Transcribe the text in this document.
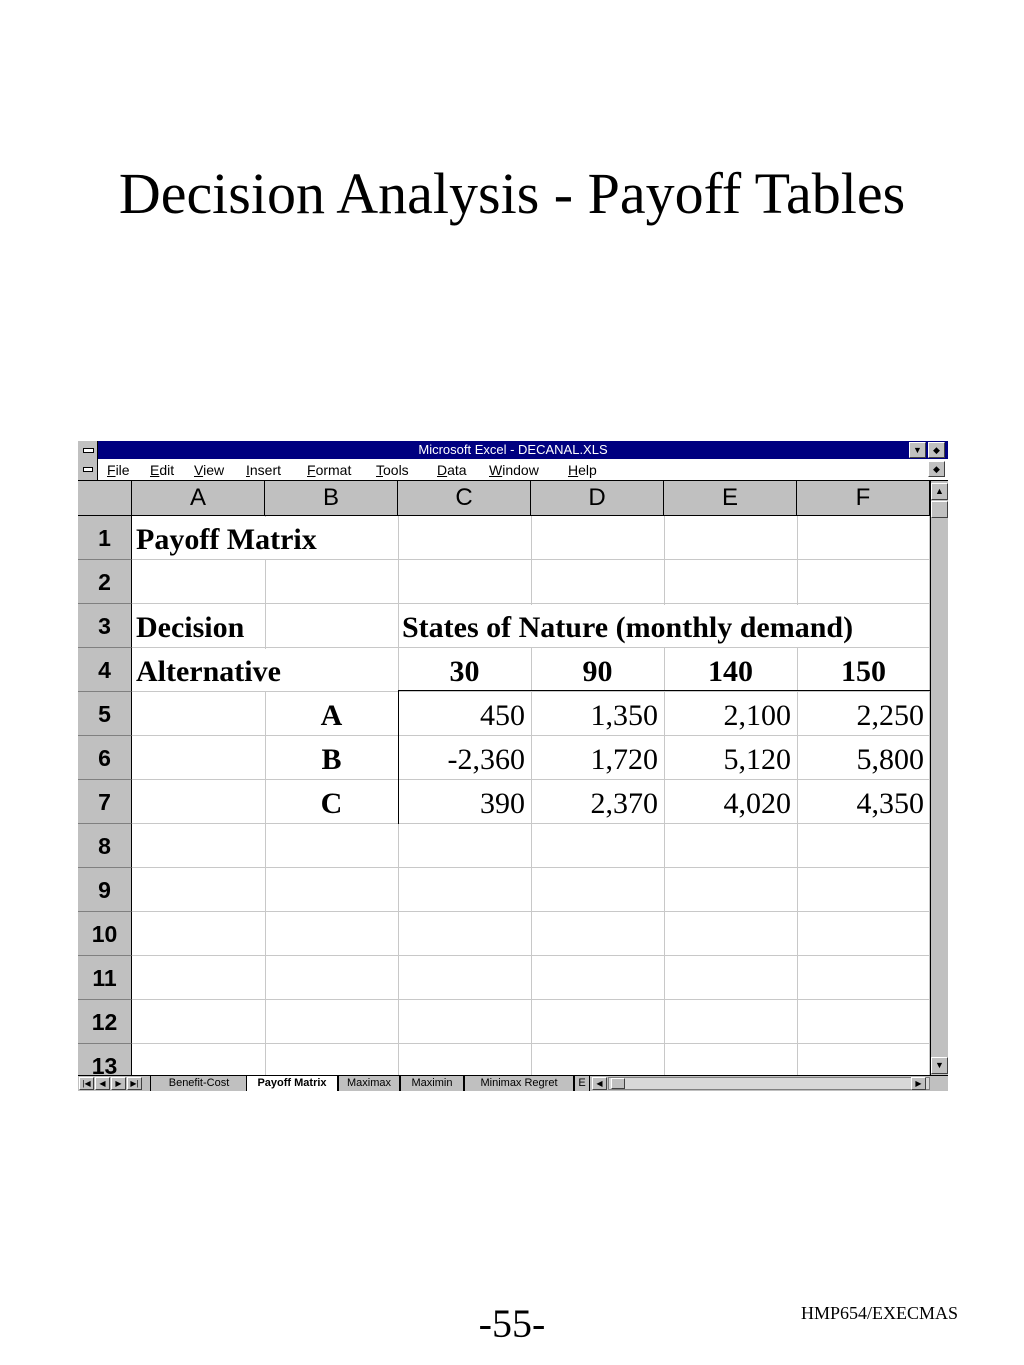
Decision Analysis - Payoff Tables
Microsoft Excel - DECANAL.XLS	▼	◆
File Edit View Insert Format Tools Data Window Help	◆
A	B	C	D	E	F
1
2
3
4
5
6
7
8
9
10
11
12
13
Payoff Matrix
Decision	States of Nature (monthly demand)
Alternative	30	90	140	150
A	450	1,350	2,100	2,250
B	-2,360	1,720	5,120	5,800
C	390	2,370	4,020	4,350
▲
▼
|◀	◀	▶	▶|	Benefit-Cost	Payoff Matrix	Maximax	Maximin	Minimax Regret	E	◀	▶
-55-	HMP654/EXECMAS
